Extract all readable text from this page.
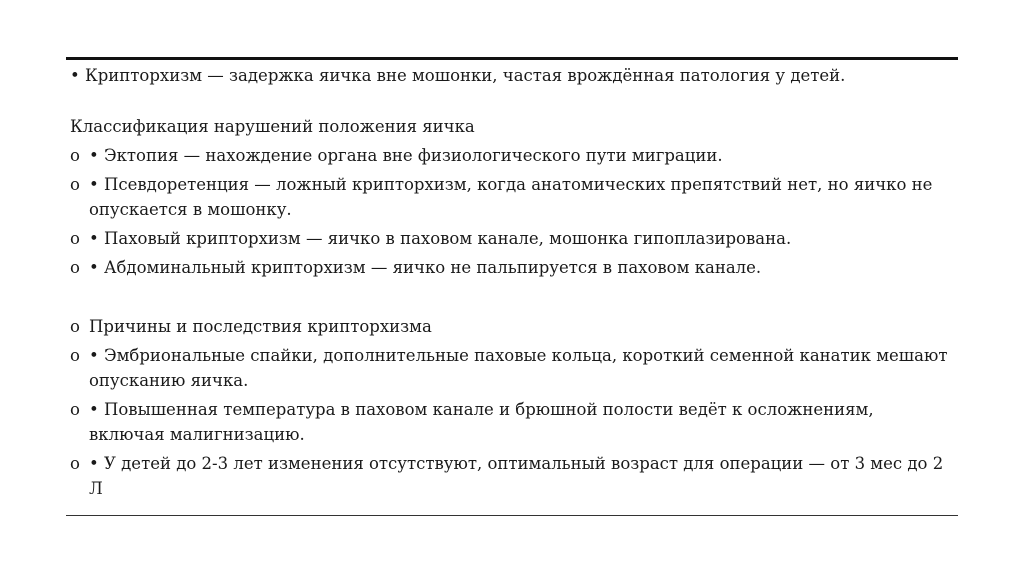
• Крипторхизм — задержка яичка вне мошонки, частая врождённая патология у детей.

Классификация нарушений положения яичка

o • Эктопия — нахождение органа вне физиологического пути миграции.
o • Псевдоретенция — ложный крипторхизм, когда анатомических препятствий нет, но яичко не опускается в мошонку.
o • Паховый крипторхизм — яичко в паховом канале, мошонка гипоплазирована.
o • Абдоминальный крипторхизм — яичко не пальпируется в паховом канале.
o Причины и последствия крипторхизма
o • Эмбриональные спайки, дополнительные паховые кольца, короткий семенной канатик мешают опусканию яичка.
o • Повышенная температура в паховом канале и брюшной полости ведёт к осложнениям, включая малигнизацию.
o • У детей до 2-3 лет изменения отсутствуют, оптимальный возраст для операции — от 3 мес до 2 Л
